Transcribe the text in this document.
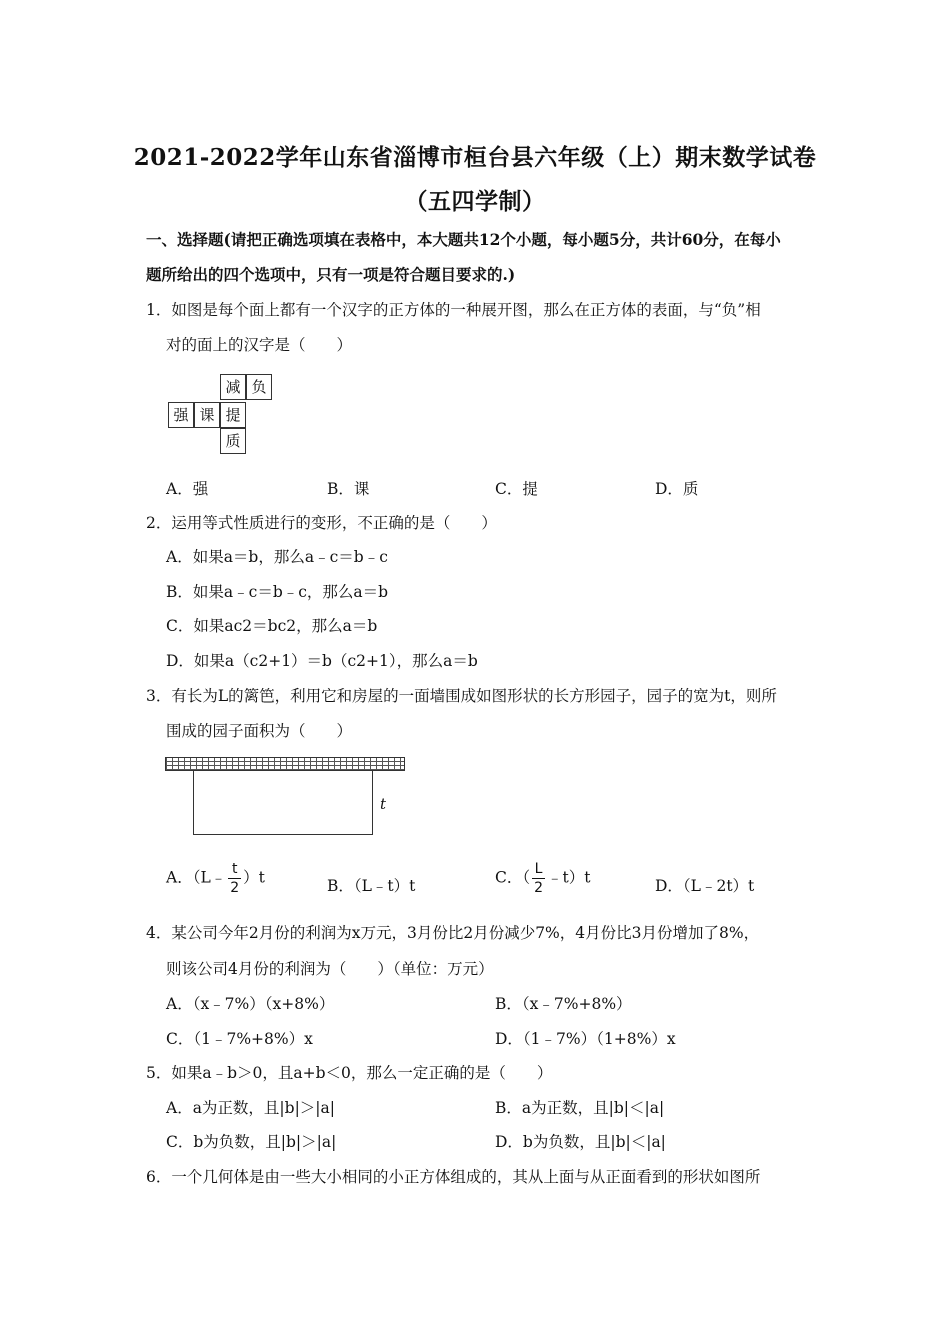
2021-2022学年山东省淄博市桓台县六年级（上）期末数学试卷
（五四学制）
一、选择题(请把正确选项填在表格中，本大题共12个小题，每小题5分，共计60分，在每小
题所给出的四个选项中，只有一项是符合题目要求的.)
1．如图是每个面上都有一个汉字的正方体的一种展开图，那么在正方体的表面，与“负”相
对的面上的汉字是（　　）
减 负
强 课 提
质
A．强	B．课	C．提	D．质
2．运用等式性质进行的变形，不正确的是（　　）
A．如果a＝b，那么a﹣c＝b﹣c
B．如果a﹣c＝b﹣c，那么a＝b
C．如果ac2＝bc2，那么a＝b
D．如果a（c2+1）＝b（c2+1），那么a＝b
3．有长为L的篱笆，利用它和房屋的一面墙围成如图形状的长方形园子，园子的宽为t，则所
围成的园子面积为（　　）
t
A．（L﹣ $\frac{t}{2} )t$	B．（L﹣t）t	C．（ $\frac{L}{2}$ ﹣t）t	D．（L﹣2t）t
4．某公司今年2月份的利润为x万元，3月份比2月份减少7%，4月份比3月份增加了8%，
则该公司4月份的利润为（　　）（单位：万元）
A．（x﹣7%）（x+8%）	B．（x﹣7%+8%）
C．（1﹣7%+8%）x	D．（1﹣7%）（1+8%）x
5．如果a﹣b＞0，且a+b＜0，那么一定正确的是（　　）
A．a为正数，且|b|＞|a|	B．a为正数，且|b|＜|a|
C．b为负数，且|b|＞|a|	D．b为负数，且|b|＜|a|
6．一个几何体是由一些大小相同的小正方体组成的，其从上面与从正面看到的形状如图所
